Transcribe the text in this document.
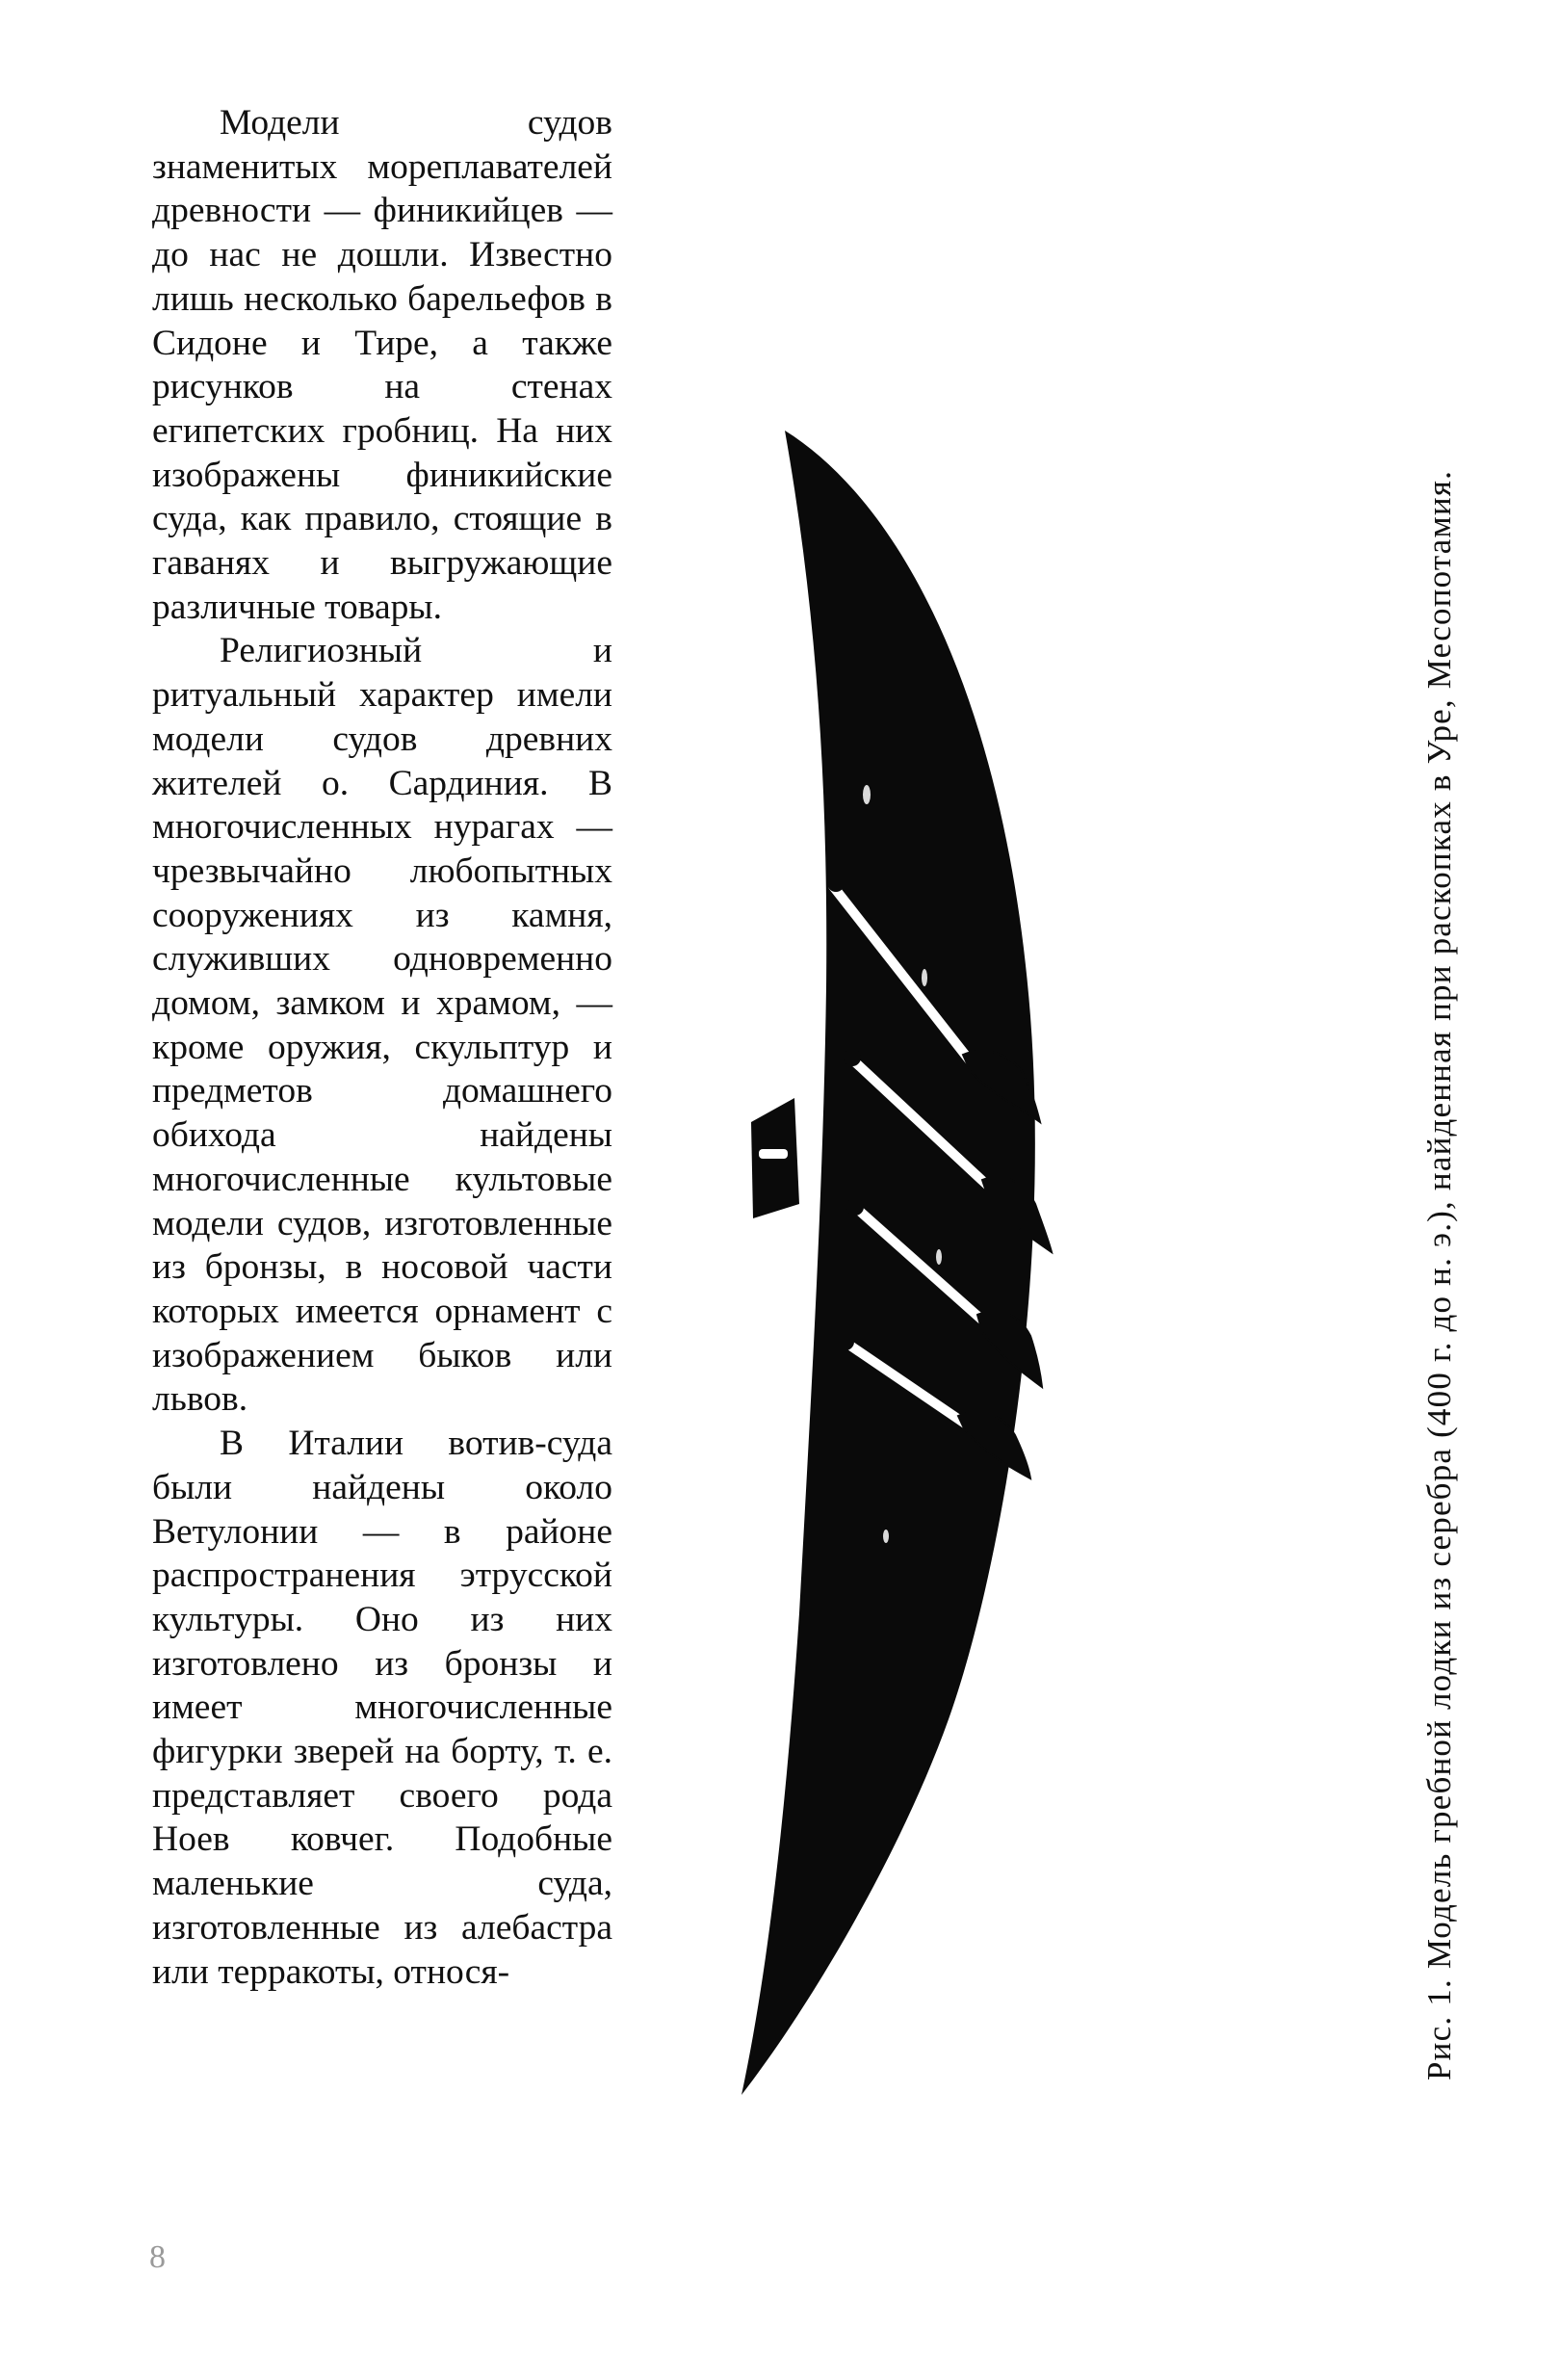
Модели судов знаменитых мореплавателей древности — финикийцев — до нас не дошли. Известно лишь несколько барельефов в Сидоне и Тире, а также рисунков на стенах египетских гробниц. На них изображены финикийские суда, как правило, стоящие в гаванях и выгружающие различные товары.

Религиозный и ритуальный характер имели модели судов древних жителей о. Сардиния. В многочисленных нурагах — чрезвычайно любопытных сооружениях из камня, служивших одновременно домом, замком и храмом, — кроме оружия, скульптур и предметов домашнего обихода найдены многочисленные культовые модели судов, изготовленные из бронзы, в носовой части которых имеется орнамент с изображением быков или львов.

В Италии вотив-суда были найдены около Ветулонии — в районе распространения этрусской культуры. Оно из них изготовлено из бронзы и имеет многочисленные фигурки зверей на борту, т. е. представляет своего рода Ноев ковчег. Подобные маленькие суда, изготовленные из алебастра или терракоты, относя-	Рис. 1. Модель гребной лодки из серебра (400 г. до н. э.), найденная при раскопках в Уре, Месопотамия.
8
